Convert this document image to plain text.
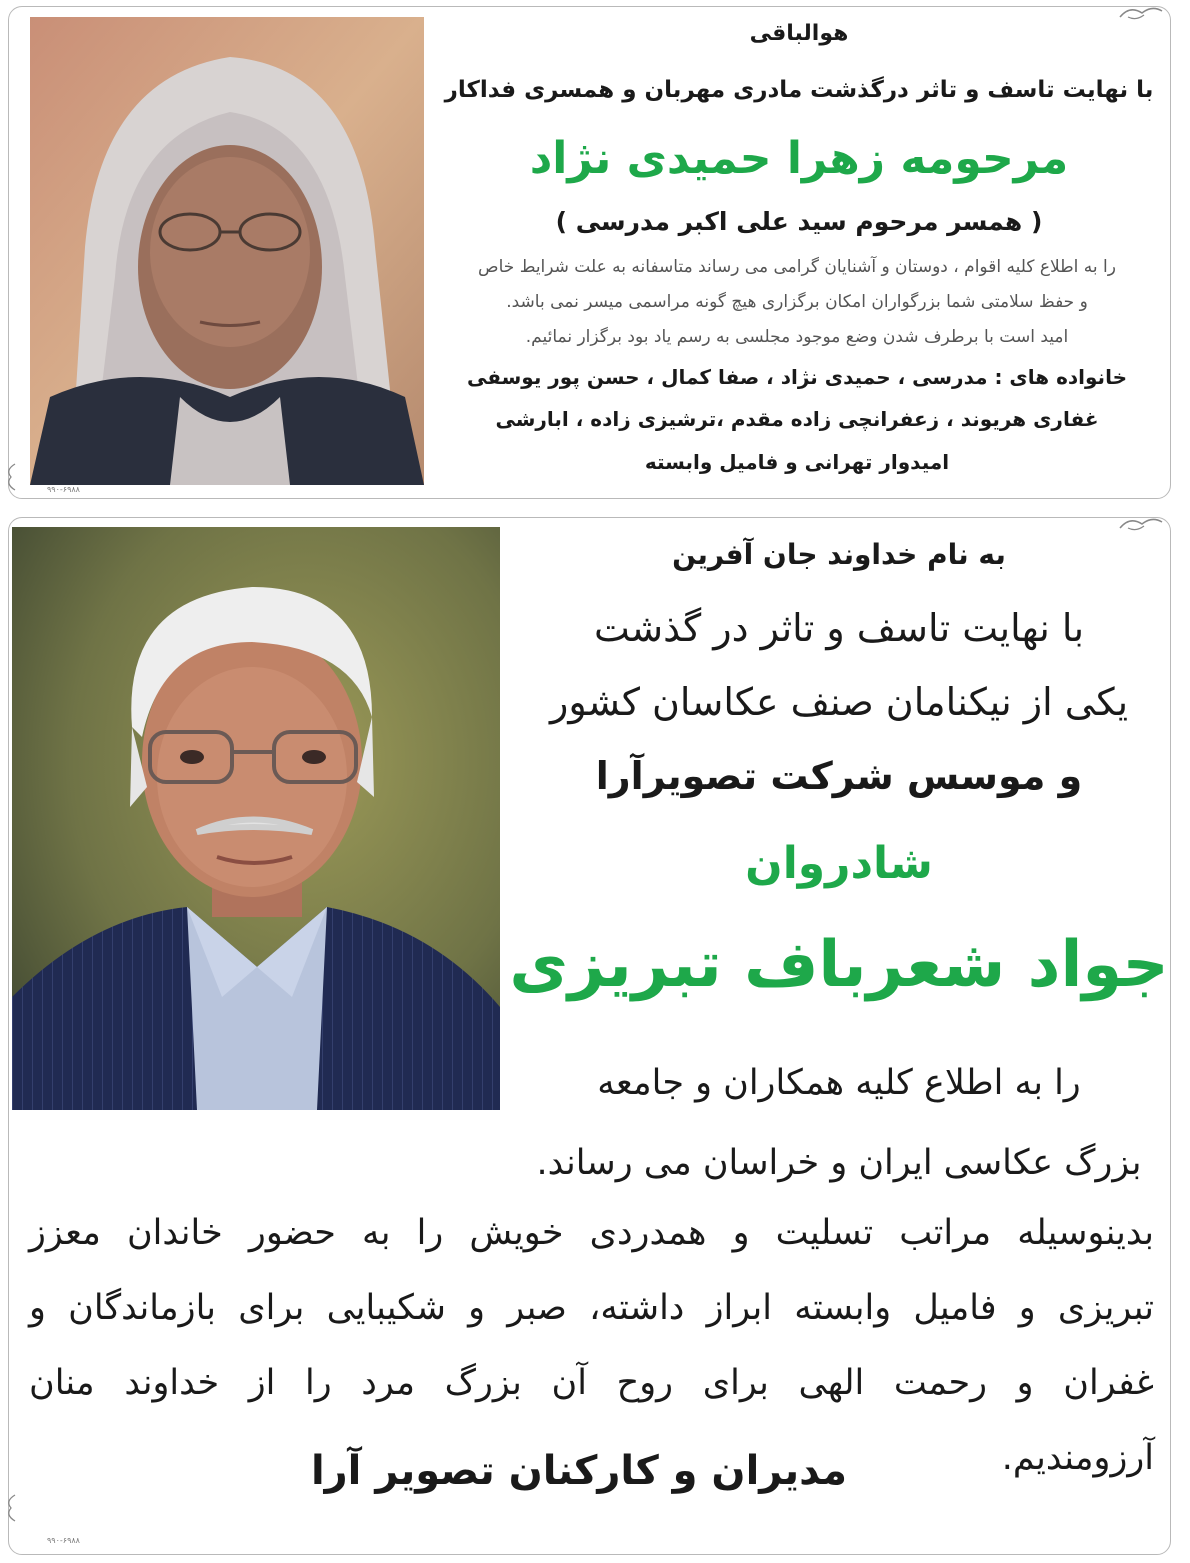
هوالباقی
با نهایت تاسف و تاثر درگذشت مادری مهربان و همسری فداکار
مرحومه زهرا حمیدی نژاد
( همسر مرحوم سید علی اکبر مدرسی )
را به اطلاع کلیه اقوام ، دوستان و آشنایان گرامی می رساند متاسفانه به علت شرایط خاص
و حفظ سلامتی شما بزرگواران امکان برگزاری هیچ گونه مراسمی میسر نمی باشد.
امید است با برطرف شدن وضع موجود مجلسی به رسم یاد بود برگزار نمائیم.
خانواده های : مدرسی ، حمیدی نژاد ، صفا کمال ، حسن پور یوسفی
غفاری هریوند ، زعفرانچی زاده مقدم ،ترشیزی زاده ، ابارشی
امیدوار تهرانی و فامیل وابسته
۹۹۰-۶۹۸۸
به نام خداوند جان آفرین
با نهایت تاسف و تاثر در گذشت
یکی از نیکنامان صنف عکاسان کشور
و موسس شرکت تصویرآرا
شادروان
جواد شعرباف تبریزی
را به اطلاع کلیه همکاران و جامعه
بزرگ عکاسی ایران و خراسان می رساند.
بدینوسیله مراتب تسلیت و همدردی خویش را به حضور خاندان معزز
تبریزی و فامیل وابسته ابراز داشته، صبر و شکیبایی برای بازماندگان و
غفران و رحمت الهی برای روح آن بزرگ مرد را از خداوند منان
آرزومندیم.
مدیران و کارکنان تصویر آرا
۹۹۰-۶۹۸۸
